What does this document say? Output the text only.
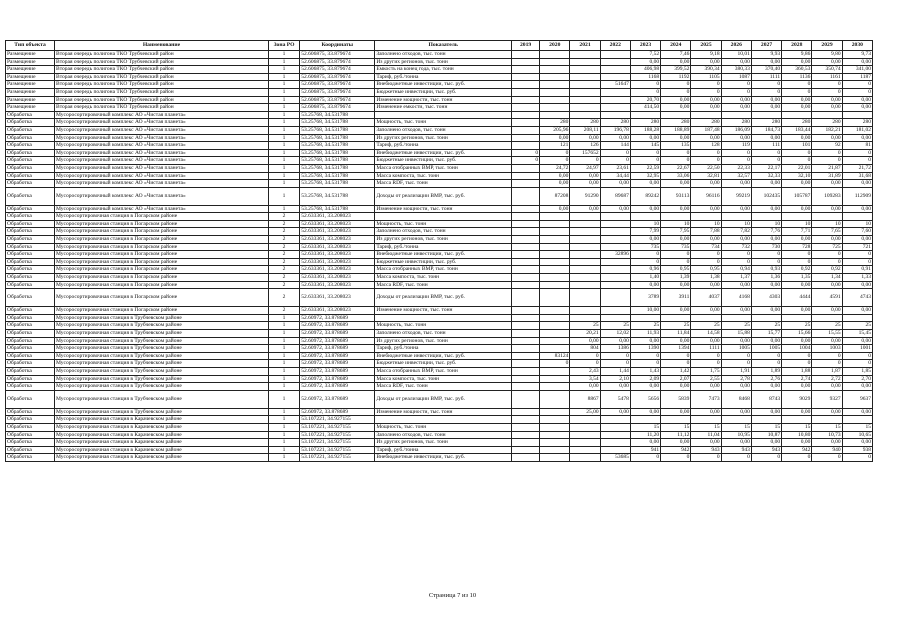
Тип объекта	Наименование	Зона РО	Координаты	Показатель	2019	2020	2021	2022	2023	2024	2025	2026	2027	2028	2029	2030
Размещение	Вторая очередь полигона ТКО Трубчевский район	1	52.606875, 33.879674	Заполнено отходов, тыс. тонн					7,52	7,46	9,18	10,01	9,93	9,86	9,80	9,73
Размещение	Вторая очередь полигона ТКО Трубчевский район	1	52.606875, 33.879674	Из других регионов, тыс. тонн					0,00	0,00	0,00	0,00	0,00	0,00	0,00	0,00
Размещение	Вторая очередь полигона ТКО Трубчевский район	1	52.606875, 33.879674	Емкость на конец года, тыс. тонн					406,98	399,52	390,34	380,33	370,40	360,53	350,74	341,00
Размещение	Вторая очередь полигона ТКО Трубчевский район	1	52.606875, 33.879674	Тариф, руб./тонна					1168	1192	1105	1087	1111	1136	1161	1187
Размещение	Вторая очередь полигона ТКО Трубчевский район	1	52.606875, 33.879674	Внебюджетные инвестиции, тыс. руб.				51647	0	0	0	0	0	0	0	0
Размещение	Вторая очередь полигона ТКО Трубчевский район	1	52.606875, 33.879674	Бюджетные инвестиции, тыс. руб.					0	0	0	0	0	0	0	0
Размещение	Вторая очередь полигона ТКО Трубчевский район	1	52.606875, 33.879674	Изменение мощности, тыс. тонн					20,70	0,00	0,00	0,00	0,00	0,00	0,00	0,00
Размещение	Вторая очередь полигона ТКО Трубчевский район	1	52.606875, 33.879674	Изменение емкости, тыс. тонн					414,50	0,00	0,00	0,00	0,00	0,00	0,00	0,00
Обработка	Мусоросортировочный комплекс АО «Чистая планета»	1	53.25768, 34.531788													
Обработка	Мусоросортировочный комплекс АО «Чистая планета»	1	53.25768, 34.531788	Мощность, тыс. тонн		280	280	280	280	280	280	280	280	280	280	280
Обработка	Мусоросортировочный комплекс АО «Чистая планета»	1	53.25768, 34.531788	Заполнено отходов, тыс. тонн		205,96	208,11	196,78	188,28	188,89	187,48	186,09	184,73	183,44	182,21	181,02
Обработка	Мусоросортировочный комплекс АО «Чистая планета»	1	53.25768, 34.531788	Из других регионов, тыс. тонн		0,00	0,00	0,00	0,00	0,00	0,00	0,00	0,00	0,00	0,00	0,00
Обработка	Мусоросортировочный комплекс АО «Чистая планета»	1	53.25768, 34.531788	Тариф, руб./тонна		121	126	144	145	135	128	119	111	101	92	81
Обработка	Мусоросортировочный комплекс АО «Чистая планета»	1	53.25768, 34.531788	Внебюджетные инвестиции, тыс. руб.	0	0	157652	0	0	0	0	0	0	0	0	0
Обработка	Мусоросортировочный комплекс АО «Чистая планета»	1	53.25768, 34.531788	Бюджетные инвестиции, тыс. руб.	0	0	0	0	0	0	0	0	0	0	0	0
Обработка	Мусоросортировочный комплекс АО «Чистая планета»	1	53.25768, 34.531788	Масса отобранных ВМР, тыс. тонн		24,72	24,97	23,61	22,59	22,67	22,50	22,33	22,17	22,01	21,87	21,72
Обработка	Мусоросортировочный комплекс АО «Чистая планета»	1	53.25768, 34.531788	Масса компоста, тыс. тонн		0,00	0,00	34,44	32,95	33,06	32,81	32,57	32,33	32,10	31,89	31,68
Обработка	Мусоросортировочный комплекс АО «Чистая планета»	1	53.25768, 34.531788	Масса RDF, тыс. тонн		0,00	0,00	0,00	0,00	0,00	0,00	0,00	0,00	0,00	0,00	0,00
Обработка	Мусоросортировочный комплекс АО «Чистая планета»	1	53.25768, 34.531788	Доходы от реализации ВМР, тыс. руб.		87208	91290	89687	89242	93113	96116	99219	102435	105787	109283	112909
Обработка	Мусоросортировочный комплекс АО «Чистая планета»	1	53.25768, 34.531788	Изменение мощности, тыс. тонн		0,00	0,00	0,00	0,00	0,00	0,00	0,00	0,00	0,00	0,00	0,00
Обработка	Мусоросортировочная станция в Погарском районе	2	52.633361, 33.208023													
Обработка	Мусоросортировочная станция в Погарском районе	2	52.633361, 33.208023	Мощность, тыс. тонн					10	10	10	10	10	10	10	10
Обработка	Мусоросортировочная станция в Погарском районе	2	52.633361, 33.208023	Заполнено отходов, тыс. тонн					7,99	7,95	7,88	7,82	7,76	7,71	7,65	7,60
Обработка	Мусоросортировочная станция в Погарском районе	2	52.633361, 33.208023	Из других регионов, тыс. тонн					0,00	0,00	0,00	0,00	0,00	0,00	0,00	0,00
Обработка	Мусоросортировочная станция в Погарском районе	2	52.633361, 33.208023	Тариф, руб./тонна					735	735	734	732	730	728	725	721
Обработка	Мусоросортировочная станция в Погарском районе	2	52.633361, 33.208023	Внебюджетные инвестиции, тыс. руб.				32896	0	0	0	0	0	0	0	0
Обработка	Мусоросортировочная станция в Погарском районе	2	52.633361, 33.208023	Бюджетные инвестиции, тыс. руб.					0	0	0	0	0	0	0	0
Обработка	Мусоросортировочная станция в Погарском районе	2	52.633361, 33.208023	Масса отобранных ВМР, тыс. тонн					0,96	0,95	0,95	0,94	0,93	0,92	0,92	0,91
Обработка	Мусоросортировочная станция в Погарском районе	2	52.633361, 33.208023	Масса компоста, тыс. тонн					1,40	1,39	1,38	1,37	1,36	1,35	1,34	1,33
Обработка	Мусоросортировочная станция в Погарском районе	2	52.633361, 33.208023	Масса RDF, тыс. тонн					0,00	0,00	0,00	0,00	0,00	0,00	0,00	0,00
Обработка	Мусоросортировочная станция в Погарском районе	2	52.633361, 33.208023	Доходы от реализации ВМР, тыс. руб.					3789	3911	4037	4168	4303	4444	4591	4743
Обработка	Мусоросортировочная станция в Погарском районе	2	52.633361, 33.208023	Изменение мощности, тыс. тонн					10,00	0,00	0,00	0,00	0,00	0,00	0,00	0,00
Обработка	Мусоросортировочная станция в Трубчевском районе	1	52.60972, 33.878689													
Обработка	Мусоросортировочная станция в Трубчевском районе	1	52.60972, 33.878689	Мощность, тыс. тонн			25	25	25	25	25	25	25	25	25	25
Обработка	Мусоросортировочная станция в Трубчевском районе	1	52.60972, 33.878689	Заполнено отходов, тыс. тонн			20,21	12,02	11,93	11,84	14,58	15,88	15,77	15,66	15,55	15,45
Обработка	Мусоросортировочная станция в Трубчевском районе	1	52.60972, 33.878689	Из других регионов, тыс. тонн			0,00	0,00	0,00	0,00	0,00	0,00	0,00	0,00	0,00	0,00
Обработка	Мусоросортировочная станция в Трубчевском районе	1	52.60972, 33.878689	Тариф, руб./тонна			804	1386	1390	1394	1111	1005	1005	1004	1003	1001
Обработка	Мусоросортировочная станция в Трубчевском районе	1	52.60972, 33.878689	Внебюджетные инвестиции, тыс. руб.		83124	0	0	0	0	0	0	0	0	0	0
Обработка	Мусоросортировочная станция в Трубчевском районе	1	52.60972, 33.878689	Бюджетные инвестиции, тыс. руб.		0	0	0	0	0	0	0	0	0	0	0
Обработка	Мусоросортировочная станция в Трубчевском районе	1	52.60972, 33.878689	Масса отобранных ВМР, тыс. тонн			2,43	1,44	1,43	1,42	1,75	1,91	1,89	1,88	1,87	1,85
Обработка	Мусоросортировочная станция в Трубчевском районе	1	52.60972, 33.878689	Масса компоста, тыс. тонн			3,54	2,10	2,09	2,07	2,55	2,78	2,76	2,74	2,72	2,70
Обработка	Мусоросортировочная станция в Трубчевском районе	1	52.60972, 33.878689	Масса RDF, тыс. тонн			0,00	0,00	0,00	0,00	0,00	0,00	0,00	0,00	0,00	0,00
Обработка	Мусоросортировочная станция в Трубчевском районе	1	52.60972, 33.878689	Доходы от реализации ВМР, тыс. руб.			8867	5478	5656	5839	7473	8468	8743	9029	9327	9637
Обработка	Мусоросортировочная станция в Трубчевском районе	1	52.60972, 33.878689	Изменение мощности, тыс. тонн			25,00	0,00	0,00	0,00	0,00	0,00	0,00	0,00	0,00	0,00
Обработка	Мусоросортировочная станция в Карачевском районе	1	53.107221, 34.927155													
Обработка	Мусоросортировочная станция в Карачевском районе	1	53.107221, 34.927155	Мощность, тыс. тонн					15	15	15	15	15	15	15	15
Обработка	Мусоросортировочная станция в Карачевском районе	1	53.107221, 34.927155	Заполнено отходов, тыс. тонн					11,20	11,12	11,04	10,95	10,87	10,80	10,73	10,65
Обработка	Мусоросортировочная станция в Карачевском районе	1	53.107221, 34.927155	Из других регионов, тыс. тонн					0,00	0,00	0,00	0,00	0,00	0,00	0,00	0,00
Обработка	Мусоросортировочная станция в Карачевском районе	1	53.107221, 34.927155	Тариф, руб./тонна					941	942	943	943	943	942	940	938
Обработка	Мусоросортировочная станция в Карачевском районе	1	53.107221, 34.927155	Внебюджетные инвестиции, тыс. руб.				53685	0	0	0	0	0	0	0	0
Страница 7 из 10
